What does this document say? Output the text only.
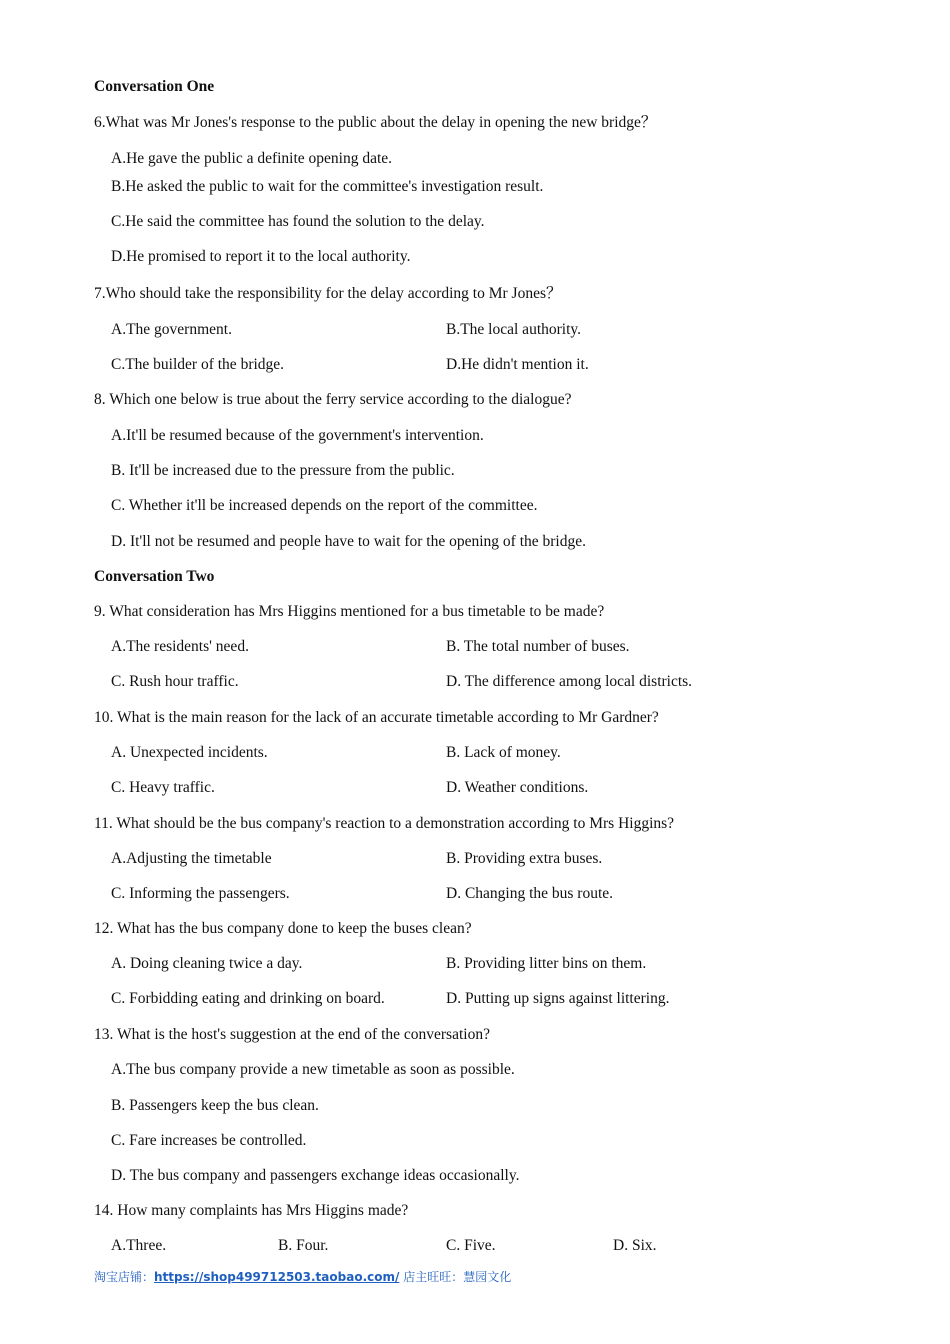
Conversation One
6.What was Mr Jones's response to the public about the delay in opening the new bridge？
A.He gave the public a definite opening date.
B.He asked the public to wait for the committee's investigation result.
C.He said the committee has found the solution to the delay.
D.He promised to report it to the local authority.
7.Who should take the responsibility for the delay according to Mr Jones？
A.The government.	B.The local authority.
C.The builder of the bridge.	D.He didn't mention it.
8. Which one below is true about the ferry service according to the dialogue?
A.It'll be resumed because of the government's intervention.
B. It'll be increased due to the pressure from the public.
C. Whether it'll be increased depends on the report of the committee.
D. It'll not be resumed and people have to wait for the opening of the bridge.
Conversation Two
9. What consideration has Mrs Higgins mentioned for a bus timetable to be made?
A.The residents' need.	B. The total number of buses.
C. Rush hour traffic.	D. The difference among local districts.
10. What is the main reason for the lack of an accurate timetable according to Mr Gardner?
A. Unexpected incidents.	B. Lack of money.
C. Heavy traffic.	D. Weather conditions.
11. What should be the bus company's reaction to a demonstration according to Mrs Higgins?
A.Adjusting the timetable	B. Providing extra buses.
C. Informing the passengers.	D. Changing the bus route.
12. What has the bus company done to keep the buses clean?
A. Doing cleaning twice a day.	B. Providing litter bins on them.
C. Forbidding eating and drinking on board.	D. Putting up signs against littering.
13. What is the host's suggestion at the end of the conversation?
A.The bus company provide a new timetable as soon as possible.
B. Passengers keep the bus clean.
C. Fare increases be controlled.
D. The bus company and passengers exchange ideas occasionally.
14. How many complaints has Mrs Higgins made?
A.Three.	B. Four.	C. Five.	D. Six.
淘宝店铺：https://shop499712503.taobao.com/ 店主旺旺：慧园文化
